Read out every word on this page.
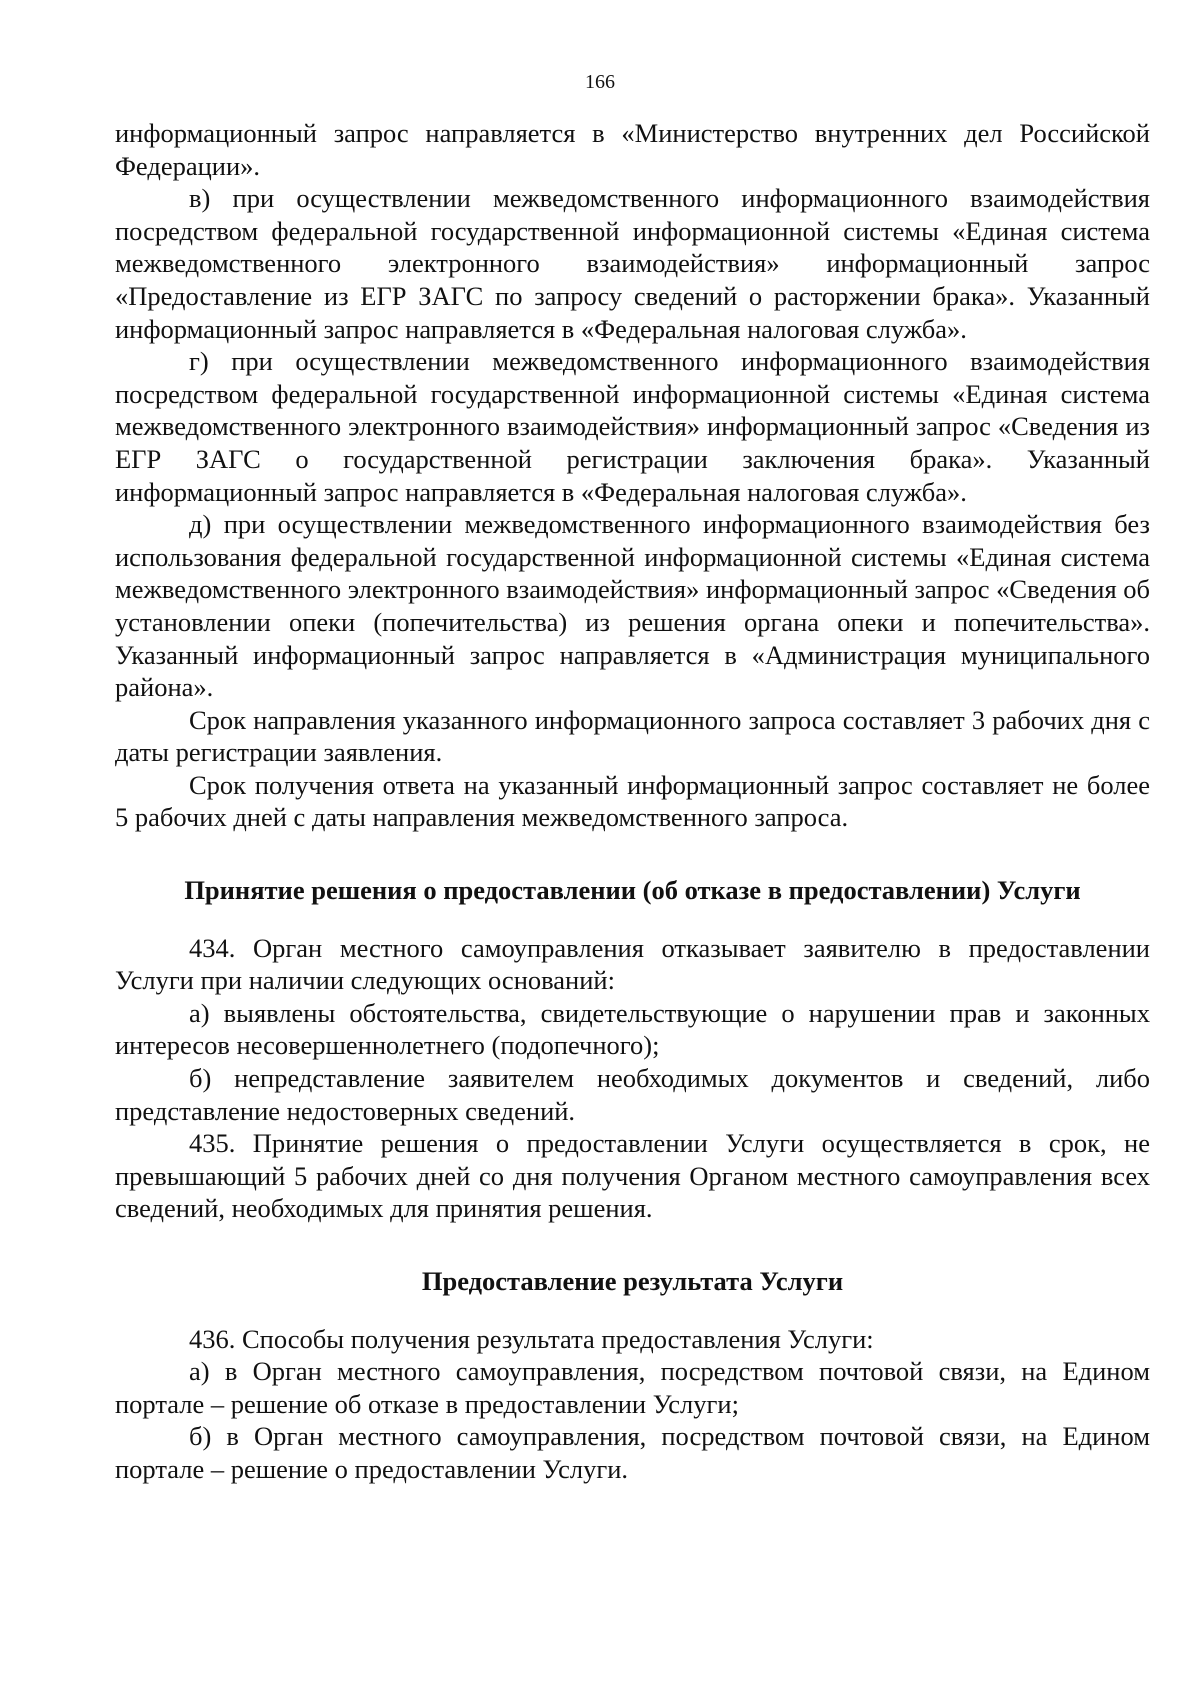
166

информационный запрос направляется в «Министерство внутренних дел Российской Федерации».

в) при осуществлении межведомственного информационного взаимодействия посредством федеральной государственной информационной системы «Единая система межведомственного электронного взаимодействия» информационный запрос «Предоставление из ЕГР ЗАГС по запросу сведений о расторжении брака». Указанный информационный запрос направляется в «Федеральная налоговая служба».

г) при осуществлении межведомственного информационного взаимодействия посредством федеральной государственной информационной системы «Единая система межведомственного электронного взаимодействия» информационный запрос «Сведения из ЕГР ЗАГС о государственной регистрации заключения брака». Указанный информационный запрос направляется в «Федеральная налоговая служба».

д) при осуществлении межведомственного информационного взаимодействия без использования федеральной государственной информационной системы «Единая система межведомственного электронного взаимодействия» информационный запрос «Сведения об установлении опеки (попечительства) из решения органа опеки и попечительства». Указанный информационный запрос направляется в «Администрация муниципального района».

Срок направления указанного информационного запроса составляет 3 рабочих дня с даты регистрации заявления.

Срок получения ответа на указанный информационный запрос составляет не более 5 рабочих дней с даты направления межведомственного запроса.

Принятие решения о предоставлении (об отказе в предоставлении) Услуги

434. Орган местного самоуправления отказывает заявителю в предоставлении Услуги при наличии следующих оснований:

а) выявлены обстоятельства, свидетельствующие о нарушении прав и законных интересов несовершеннолетнего (подопечного);

б) непредставление заявителем необходимых документов и сведений, либо представление недостоверных сведений.

435. Принятие решения о предоставлении Услуги осуществляется в срок, не превышающий 5 рабочих дней со дня получения Органом местного самоуправления всех сведений, необходимых для принятия решения.

Предоставление результата Услуги

436. Способы получения результата предоставления Услуги:

а) в Орган местного самоуправления, посредством почтовой связи, на Едином портале – решение об отказе в предоставлении Услуги;

б) в Орган местного самоуправления, посредством почтовой связи, на Едином портале – решение о предоставлении Услуги.
